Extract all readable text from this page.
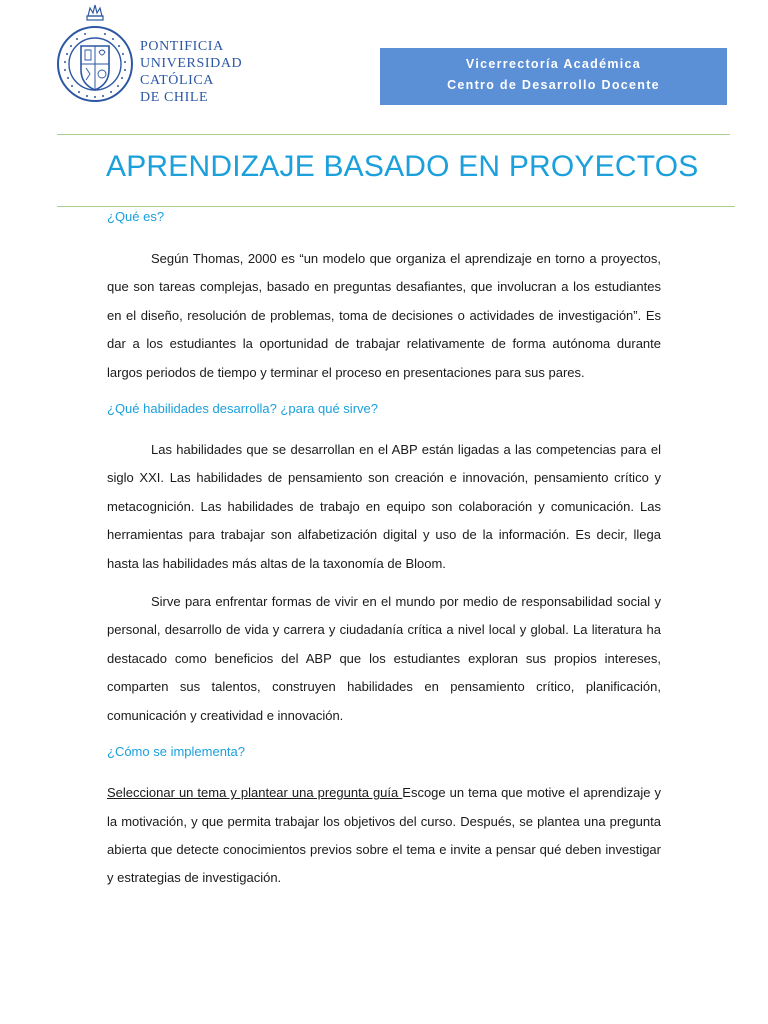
PONTIFICIA
UNIVERSIDAD
CATÓLICA
DE CHILE
Vicerrectoría Académica
Centro de Desarrollo Docente
APRENDIZAJE BASADO EN PROYECTOS

¿Qué es?

Según Thomas, 2000 es “un modelo que organiza el aprendizaje en torno a proyectos, que son tareas complejas, basado en preguntas desafiantes, que involucran a los estudiantes en el diseño, resolución de problemas, toma de decisiones o actividades de investigación”. Es dar a los estudiantes la oportunidad de trabajar relativamente de forma autónoma durante largos periodos de tiempo y terminar el proceso en presentaciones para sus pares.

¿Qué habilidades desarrolla? ¿para qué sirve?

Las habilidades que se desarrollan en el ABP están ligadas a las competencias para el siglo XXI. Las habilidades de pensamiento son creación e innovación, pensamiento crítico y metacognición. Las habilidades de trabajo en equipo son colaboración y comunicación. Las herramientas para trabajar son alfabetización digital y uso de la información. Es decir, llega hasta las habilidades más altas de la taxonomía de Bloom.

Sirve para enfrentar formas de vivir en el mundo por medio de responsabilidad social y personal, desarrollo de vida y carrera y ciudadanía crítica a nivel local y global. La literatura ha destacado como beneficios del ABP que los estudiantes exploran sus propios intereses, comparten sus talentos, construyen habilidades en pensamiento crítico, planificación, comunicación y creatividad e innovación.

¿Cómo se implementa?

Seleccionar un tema y plantear una pregunta guía Escoge un tema que motive el aprendizaje y la motivación, y que permita trabajar los objetivos del curso. Después, se plantea una pregunta abierta que detecte conocimientos previos sobre el tema e invite a pensar qué deben investigar y estrategias de investigación.
